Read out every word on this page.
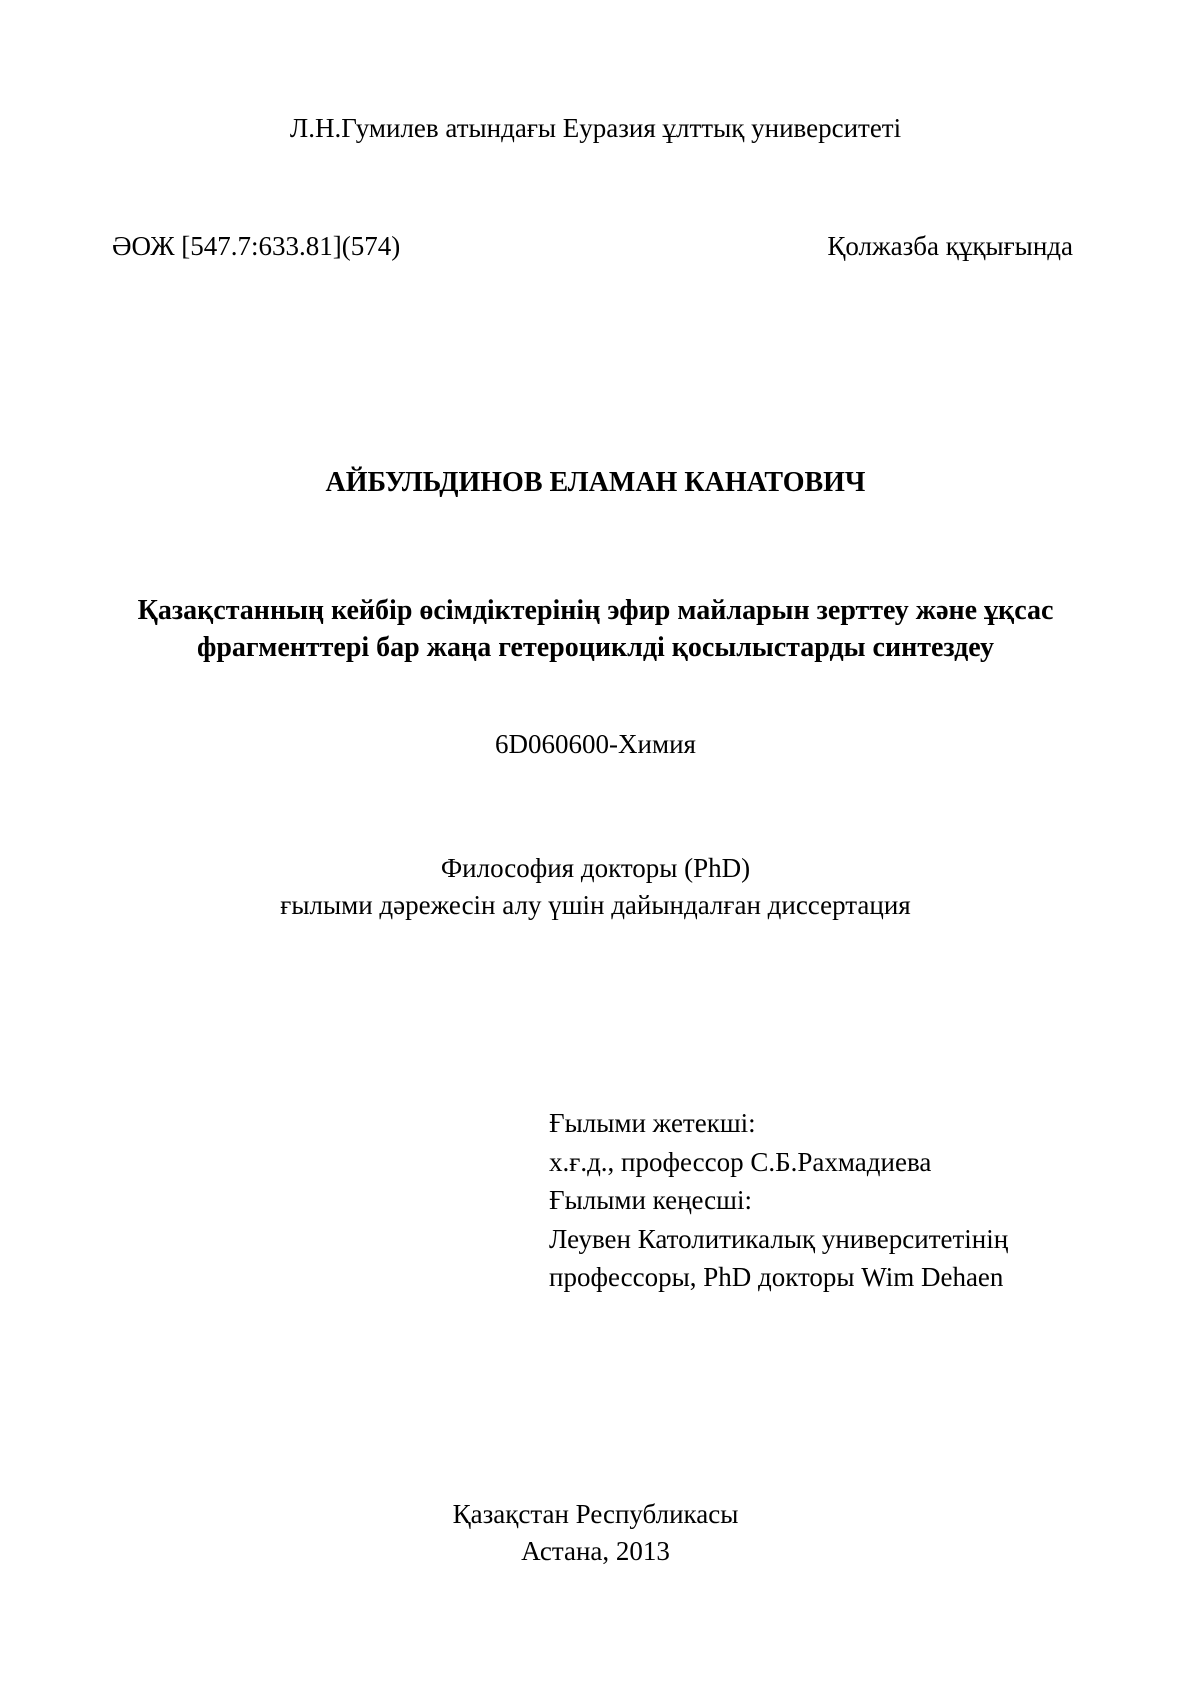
Л.Н.Гумилев атындағы Еуразия ұлттық университеті
ӘОЖ [547.7:633.81](574)	Қолжазба құқығында
АЙБУЛЬДИНОВ ЕЛАМАН КАНАТОВИЧ
Қазақстанның кейбір өсімдіктерінің эфир майларын зерттеу және ұқсас
фрагменттері бар жаңа гетероциклді қосылыстарды синтездеу
6D060600-Химия
Философия докторы (PhD)
ғылыми дәрежесін алу үшін дайындалған диссертация
Ғылыми жетекші:
х.ғ.д., профессор С.Б.Рахмадиева
Ғылыми кеңесші:
Леувен Католитикалық университетінің
профессоры, PhD докторы Wim Dehaen
Қазақстан Республикасы
Астана, 2013
